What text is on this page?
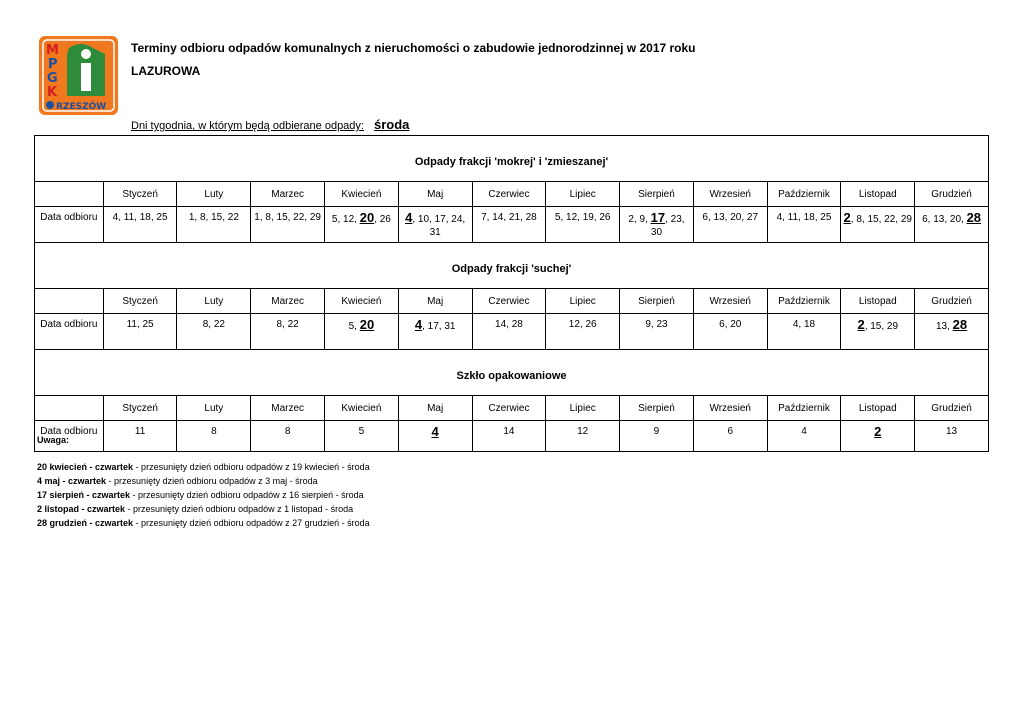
M
P
G
K
RZESZÓW
Terminy odbioru odpadów komunalnych z nieruchomości o zabudowie jednorodzinnej w 2017 roku
LAZUROWA
Dni tygodnia, w którym będą odbierane odpady: środa
Odpady frakcji 'mokrej' i 'zmieszanej'												
	Styczeń	Luty	Marzec	Kwiecień	Maj	Czerwiec	Lipiec	Sierpień	Wrzesień	Październik	Listopad	Grudzień
Data odbioru	4, 11, 18, 25	1, 8, 15, 22	1, 8, 15, 22, 29	5, 12, 20, 26	4, 10, 17, 24, 31	7, 14, 21, 28	5, 12, 19, 26	2, 9, 17, 23, 30	6, 13, 20, 27	4, 11, 18, 25	2, 8, 15, 22, 29	6, 13, 20, 28
Odpady frakcji 'suchej'												
	Styczeń	Luty	Marzec	Kwiecień	Maj	Czerwiec	Lipiec	Sierpień	Wrzesień	Październik	Listopad	Grudzień
Data odbioru	11, 25	8, 22	8, 22	5, 20	4, 17, 31	14, 28	12, 26	9, 23	6, 20	4, 18	2, 15, 29	13, 28
Szkło opakowaniowe												
	Styczeń	Luty	Marzec	Kwiecień	Maj	Czerwiec	Lipiec	Sierpień	Wrzesień	Październik	Listopad	Grudzień
Data odbioru	11	8	8	5	4	14	12	9	6	4	2	13
Uwaga:
20 kwiecień - czwartek - przesunięty dzień odbioru odpadów z 19 kwiecień - środa
4 maj - czwartek - przesunięty dzień odbioru odpadów z 3 maj - środa
17 sierpień - czwartek - przesunięty dzień odbioru odpadów z 16 sierpień - środa
2 listopad - czwartek - przesunięty dzień odbioru odpadów z 1 listopad - środa
28 grudzień - czwartek - przesunięty dzień odbioru odpadów z 27 grudzień - środa
